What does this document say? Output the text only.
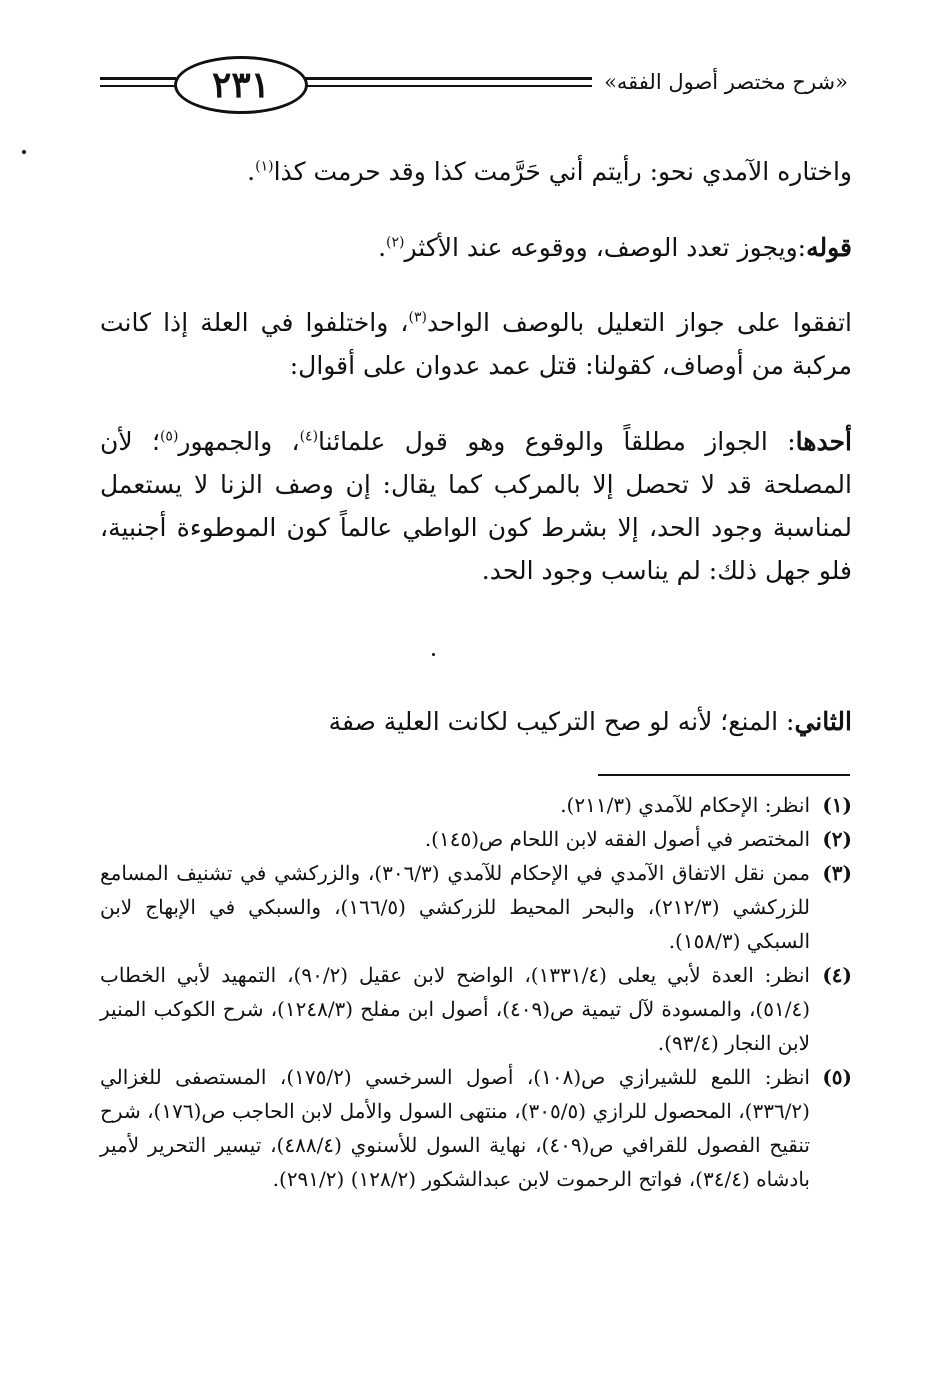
٢٣١	«شرح مختصر أصول الفقه»

واختاره الآمدي نحو: رأيتم أني حَرَّمت كذا وقد حرمت كذا$^{(١)}$.

قوله:ويجوز تعدد الوصف، ووقوعه عند الأكثر$^{(٢)}$.

اتفقوا على جواز التعليل بالوصف الواحد$^{(٣)}$، واختلفوا في العلة إذا كانت مركبة من أوصاف، كقولنا: قتل عمد عدوان على أقوال:

أحدها: الجواز مطلقاً والوقوع وهو قول علمائنا$^{(٤)}$، والجمهور$^{(٥)}$؛ لأن المصلحة قد لا تحصل إلا بالمركب كما يقال: إن وصف الزنا لا يستعمل لمناسبة وجود الحد، إلا بشرط كون الواطي عالماً كون الموطوءة أجنبية، فلو جهل ذلك: لم يناسب وجود الحد.

الثاني: المنع؛ لأنه لو صح التركيب لكانت العلية صفة

(١)
انظر: الإحكام للآمدي (٢١١/٣).
(٢)
المختصر في أصول الفقه لابن اللحام ص(١٤٥).
(٣)
ممن نقل الاتفاق الآمدي في الإحكام للآمدي (٣٠٦/٣)، والزركشي في تشنيف المسامع للزركشي (٢١٢/٣)، والبحر المحيط للزركشي (١٦٦/٥)، والسبكي في الإبهاج لابن السبكي (١٥٨/٣).
(٤)
انظر: العدة لأبي يعلى (١٣٣١/٤)، الواضح لابن عقيل (٩٠/٢)، التمهيد لأبي الخطاب (٥١/٤)، والمسودة لآل تيمية ص(٤٠٩)، أصول ابن مفلح (١٢٤٨/٣)، شرح الكوكب المنير لابن النجار (٩٣/٤).
(٥)
انظر: اللمع للشيرازي ص(١٠٨)، أصول السرخسي (١٧٥/٢)، المستصفى للغزالي (٣٣٦/٢)، المحصول للرازي (٣٠٥/٥)، منتهى السول والأمل لابن الحاجب ص(١٧٦)، شرح تنقيح الفصول للقرافي ص(٤٠٩)، نهاية السول للأسنوي (٤٨٨/٤)، تيسير التحرير لأمير بادشاه (٣٤/٤)، فواتح الرحموت لابن عبدالشكور (١٢٨/٢) (٢٩١/٢).
